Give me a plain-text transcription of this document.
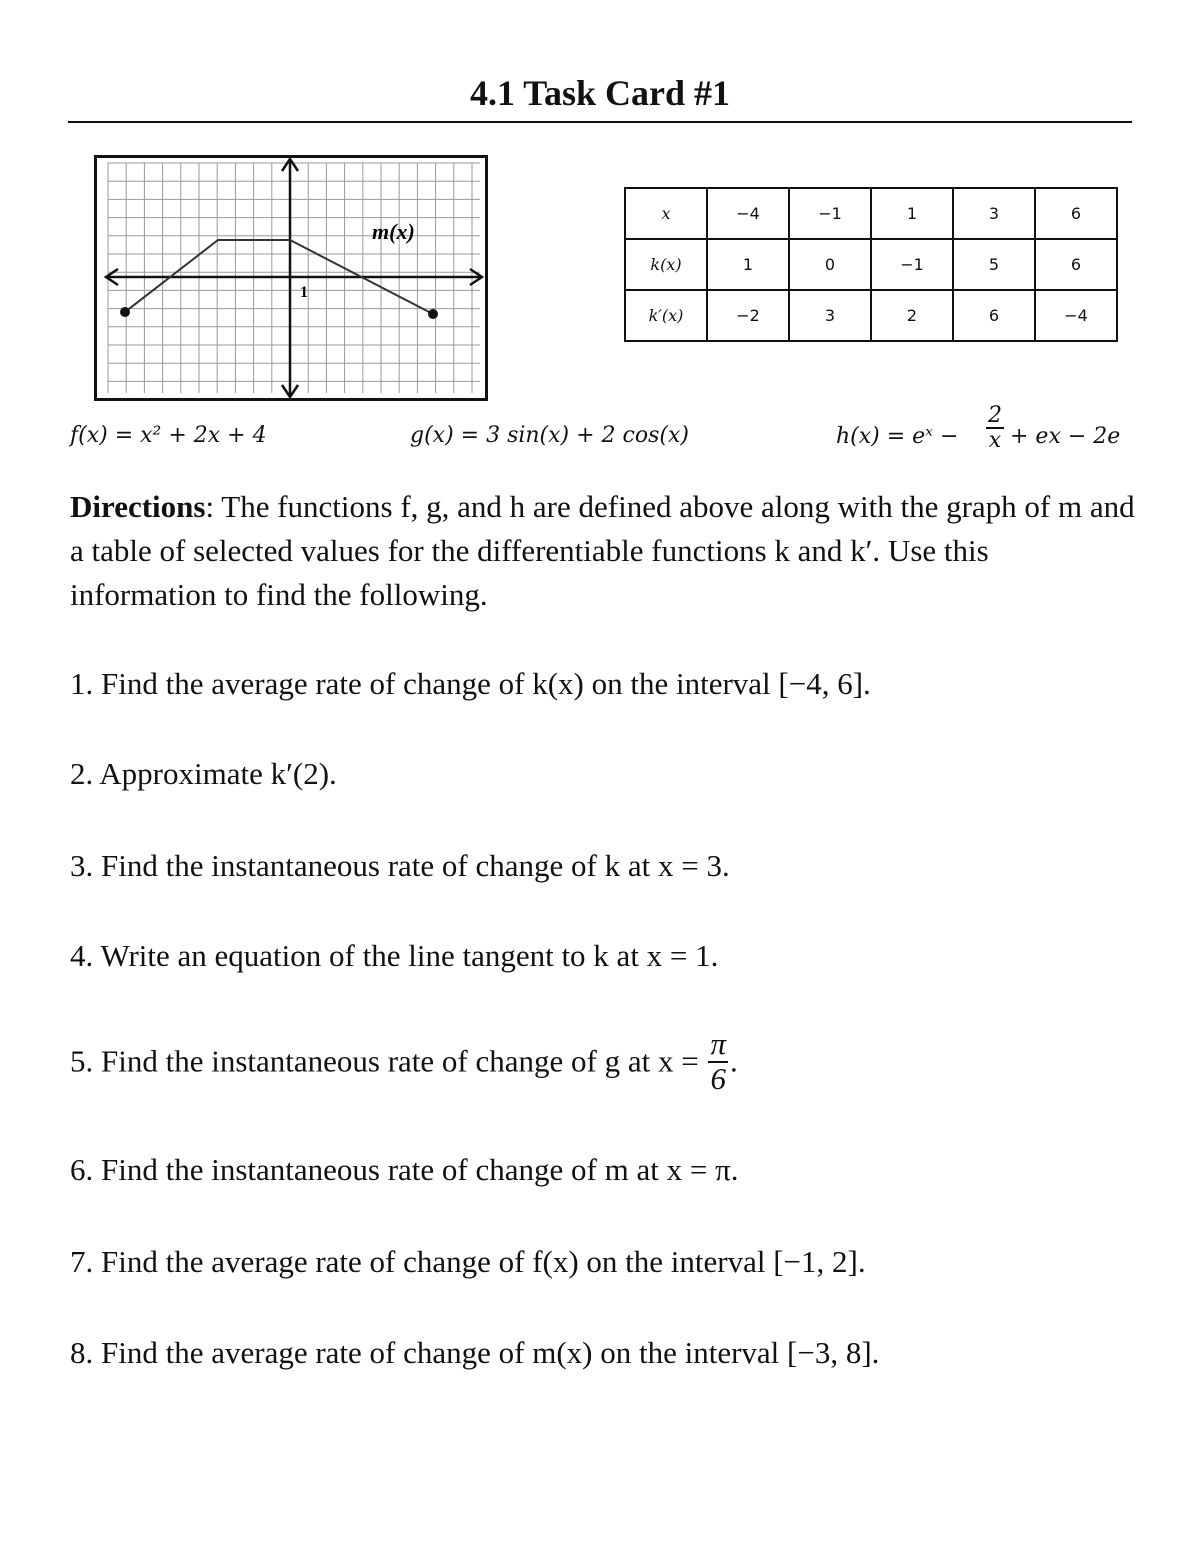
4.1 Task Card #1
m(x)
1
x	−4	−1	1	3	6
k(x)	1	0	−1	5	6
k′(x)	−2	3	2	6	−4
f(x) = x² + 2x + 4	g(x) = 3 sin(x) + 2 cos(x)	h(x) = eˣ − $\frac{2}{x}$ + ex − 2e
Directions: The functions f, g, and h are defined above along with the graph of m and a table of selected values for the differentiable functions k and k′. Use this information to find the following.
1. Find the average rate of change of k(x) on the interval [−4, 6].
2. Approximate k′(2).
3. Find the instantaneous rate of change of k at x = 3.
4. Write an equation of the line tangent to k at x = 1.
5. Find the instantaneous rate of change of g at $x = \frac{\pi}{6}$ .
6. Find the instantaneous rate of change of m at x = π.
7. Find the average rate of change of f(x) on the interval [−1, 2].
8. Find the average rate of change of m(x) on the interval [−3, 8].
